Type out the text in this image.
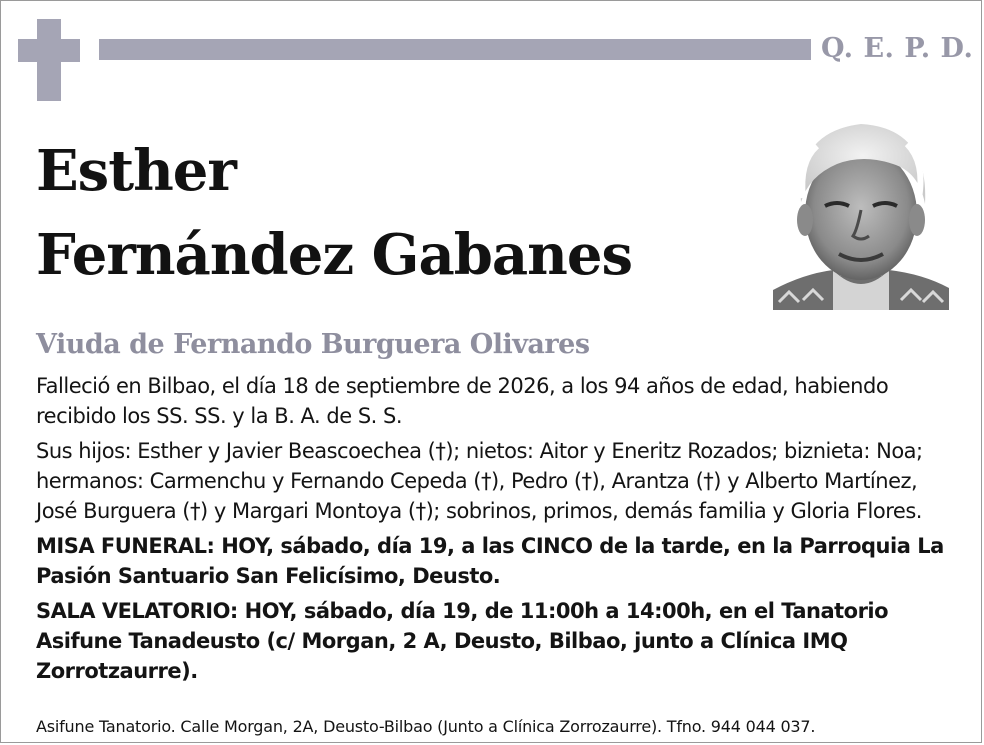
Q. E. P. D.
Esther
Fernández Gabanes
Viuda de Fernando Burguera Olivares

Falleció en Bilbao, el día 18 de septiembre de 2026, a los 94 años de edad, habiendo recibido los SS. SS. y la B. A. de S. S.

Sus hijos: Esther y Javier Beascoechea (†); nietos: Aitor y Eneritz Rozados; biznieta: Noa; hermanos: Carmenchu y Fernando Cepeda (†), Pedro (†), Arantza (†) y Alberto Martínez, José Burguera (†) y Margari Montoya (†); sobrinos, primos, demás familia y Gloria Flores.

MISA FUNERAL: HOY, sábado, día 19, a las CINCO de la tarde, en la Parroquia La Pasión Santuario San Felicísimo, Deusto.

SALA VELATORIO: HOY, sábado, día 19, de 11:00h a 14:00h, en el Tanatorio Asifune Tanadeusto (c/ Morgan, 2 A, Deusto, Bilbao, junto a Clínica IMQ Zorrotzaurre).

Asifune Tanatorio. Calle Morgan, 2A, Deusto-Bilbao (Junto a Clínica Zorrozaurre). Tfno. 944 044 037.
